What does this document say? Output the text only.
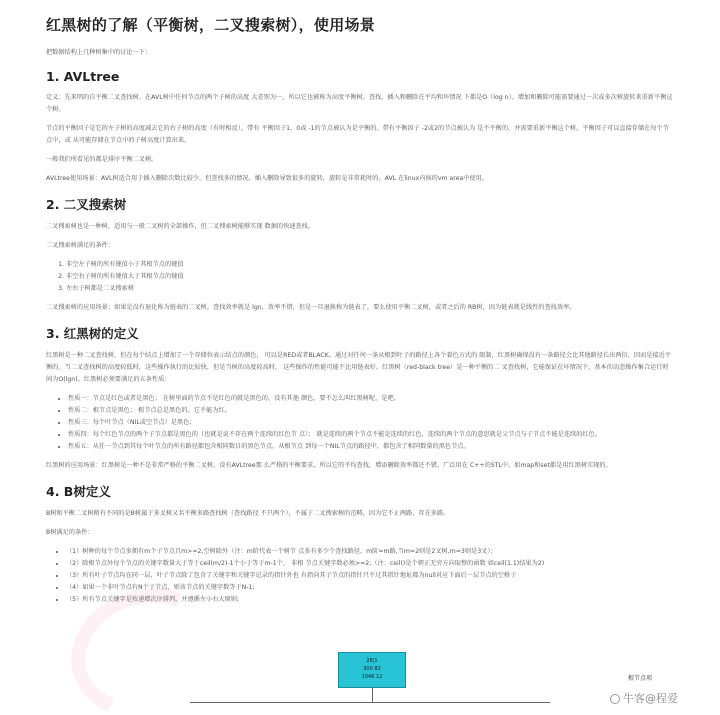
红黑树的了解（平衡树，二叉搜索树），使用场景

把数据结构上几种树集中的讨论一下：

1. AVLtree

定义：先来明的自平衡二叉查找树。在AVL树中任何节点的两个子树的高度 大差别为一，所以它也被称为高度平衡树。查找、插入和删除在平均和坏情况 下都是O（log n）。增加和删除可能需要通过一次或多次树旋转来重新平衡这 个树。

节点的平衡因子是它的左子树的高度减去它的右子树的高度（有时相反）。带有 平衡因子1、0或 -1的节点被认为是平衡的。带有平衡因子 -2或2的节点被认为 是不平衡的，并需要重新平衡这个树。平衡因子可以直接存储在每个节点中，或 从可能存储在节点中的子树高度计算出来。

一般我们所看见的都是排序平衡二叉树。

AVLtree使用场景：AVL树适合用于插入删除次数比较少，但查找多的情况。插入删除导致很多的旋转，旋转是非常耗时的。AVL 在linux内核的vm area中使用。

2. 二叉搜索树

二叉搜索树也是一种树，适用与一般二叉树的全部操作，但二叉搜索树能够实现 数据的快速查找。

二叉搜索树满足的条件：

1. 非空左子树的所有键值小于其根节点的键值
2. 非空右子树的所有键值大于其根节点的键值
3. 左右子树都是二叉搜索树

二叉搜索树的应用场景：如果是没有退化称为链表的二叉树，查找效率就是 lgn，效率不错，但是一旦退换称为链表了，要么使用平衡二叉树，或者之后的 RB树，因为链表就是线性的查找效率。

3. 红黑树的定义

红黑树是一种二叉查找树，但在每个结点上增加了一个存储位表示结点的颜色， 可以是RED或者BLACK。通过对任何一条从根到叶子的路径上各个着色方式的 限制，红黑树确保没有一条路径会比其他路径长出两倍，因而是接近平衡的。当二叉查找树的高度较低时，这些操作执行的比较快，但是当树的高度较高时， 这些操作的性能可能不比用链表好。红黑树（red-black tree）是一种平衡的二 叉查找树，它能保证在坏情况下，基本的动态操作集合运行时间为O(lgn)。红黑树必须要满足的五条性质：

• 性质一：节点是红色或者是黑色； 在树里面的节点不是红色的就是黑色的，没有其他 颜色，要不怎么叫红黑树呢，是吧。
• 性质二：根节点是黑色； 根节点总是黑色的。它不能为红。
• 性质三：每个叶节点（NIL或空节点）是黑色；
• 性质四：每个红色节点的两个子节点都是黑色的（也就是说不存在两个连续的红色节 点）； 就是连续的两个节点不能是连续的红色，连续的两个节点的意思就是父节点与子节点不能是连续的红色。
• 性质五：从任一节点到其每个叶节点的所有路径都包含相同数目的黑色节点。从根节点 到每一个NIL节点的路径中，都包含了相同数量的黑色节点。

红黑树的应用场景：红黑树是一种不是非常严格的平衡二叉树，没有AVLtree那 么严格的平衡要求，所以它的平均查找，增添删除效率都还不错。广泛用在 C++的STL中。如map和set都是用红黑树实现的。

4. B树定义

B树和平衡二叉树稍有不同的是B树属于多叉树又名平衡多路查找树（查找路径 不只两个），不属于二叉搜索树的范畴，因为它不止两路，存在多路。

B树满足的条件：

• （1）树种的每个节点多拥有m个子节点且m>=2,空树除外（注：m阶代表一个树节 点多有多少个查找路径，m阶=m路,当m=2则是2叉树,m=3则是3叉）；
• （2）除根节点外每个节点的关键字数量大于等于ceil(m/2)-1个小于等于m-1个， 非根 节点关键字数必须>=2;（注：ceil()是个朝正无穷方向取整的函数 如ceil(1.1)结果为2)
• （3）所有叶子节点均在同一层，叶子节点除了包含了关键字和关键字记录的指针外也 有指向其子节点的指针只不过其指针地址都为null对应下面后一层节点的空格子
• （4）如果一个非叶节点有N个子节点，则该节点的关键字数等于N-1;
• （5）所有节点关键字是按递增次序排列，并遵循左小右大原则;
28|1
300 82
1046 12	根节点项
牛客@程爱
